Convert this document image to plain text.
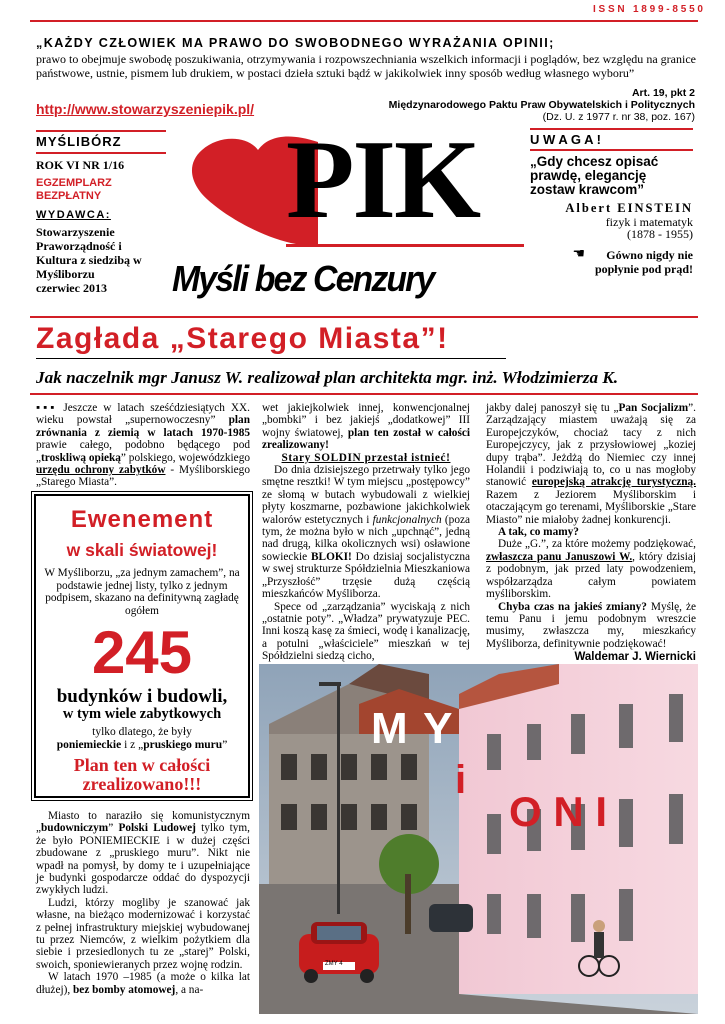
I S S N   1 8 9 9 - 8 5 5 0
„KAŻDY CZŁOWIEK MA PRAWO DO SWOBODNEGO WYRAŻANIA OPINII;
prawo to obejmuje swobodę poszukiwania, otrzymywania i rozpowszechniania wszelkich informacji i poglądów, bez względu na granice państwowe, ustnie, pismem lub drukiem, w postaci dzieła sztuki bądź w jakikolwiek inny sposób według własnego wyboru”
http://www.stowarzyszeniepik.pl/
Art. 19, pkt 2
Międzynarodowego Paktu Praw Obywatelskich i Politycznych
(Dz. U. z 1977 r. nr 38, poz. 167)
MYŚLIBÓRZ
ROK VI NR 1/16
EGZEMPLARZ BEZPŁATNY
WYDAWCA:
Stowarzyszenie Praworządność i Kultura z siedzibą w Myśliborzu
czerwiec 2013
PIK
Myśli bez Cenzury
U W A G A !
„Gdy chcesz opisać prawdę, elegancję zostaw krawcom”
Albert EINSTEIN
fizyk i matematyk
(1878 - 1955)
☚	Gówno nigdy nie popłynie pod prąd!
Zagłada „Starego Miasta”!
Jak naczelnik mgr Janusz W. realizował plan architekta mgr. inż. Włodzimierza K.

▪▪▪ Jeszcze w latach sześćdziesiątych XX. wieku powstał „supernowoczesny” plan zrównania z ziemią w latach 1970-1985 prawie całego, podobno będącego pod „troskliwą opieką” polskiego, wojewódzkiego urzędu ochrony zabytków - Myśliborskiego „Starego Miasta”.

Ewenement
w skali światowej!
W Myśliborzu, „za jednym zamachem”, na podstawie jednej listy, tylko z jednym podpisem, skazano na definitywną zagładę ogółem
245
budynków i budowli,
w tym wiele zabytkowych
tylko dlatego, że były
poniemieckie i z „pruskiego muru”
Plan ten w całości zrealizowano!!!

Miasto to naraziło się komunistycznym „budowniczym” Polski Ludowej tylko tym, że było PONIEMIECKIE i w dużej części zbudowane z „pruskiego muru”. Nikt nie wpadł na pomysł, by domy te i uzupełniające je budynki gospodarcze oddać do dyspozycji zwykłych ludzi.

Ludzi, którzy mogliby je szanować jak własne, na bieżąco modernizować i korzystać z pełnej infrastruktury miejskiej wybudowanej tu przez Niemców, z wielkim pożytkiem dla siebie i przesiedlonych tu ze „starej” Polski, swoich, sponiewieranych przez wojnę rodzin.

W latach 1970 –1985 (a może o kilka lat dłużej), bez bomby atomowej, a na-

wet jakiejkolwiek innej, konwencjonalnej „bombki” i bez jakiejś „dodatkowej” III wojny światowej, plan ten został w całości zrealizowany!

Stary SOLDIN przestał istnieć!

Do dnia dzisiejszego przetrwały tylko jego smętne resztki! W tym miejscu „postępowcy” ze słomą w butach wybudowali z wielkiej płyty koszmarne, pozbawione jakichkolwiek walorów estetycznych i funkcjonalnych (poza tym, że można było w nich „upchnąć”, jedną nad drugą, kilka okolicznych wsi) osławione sowieckie BLOKI! Do dzisiaj socjalistyczna w swej strukturze Spółdzielnia Mieszkaniowa „Przyszłość” trzęsie dużą częścią mieszkańców Myśliborza.

Spece od „zarządzania” wyciskają z nich „ostatnie poty”. „Władza” prywatyzuje PEC. Inni koszą kasę za śmieci, wodę i kanalizację, a potulni „właściciele” mieszkań w tej Spółdzielni siedzą cicho,

jakby dalej panoszył się tu „Pan Socjalizm”. Zarządzający miastem uważają się za Europejczyków, chociaż tacy z nich Europejczycy, jak z przysłowiowej „koziej dupy trąba”. Jeżdżą do Niemiec czy innej Holandii i podziwiają to, co u nas mogłoby stanowić europejską atrakcję turystyczną. Razem z Jeziorem Myśliborskim i otaczającym go terenami, Myśliborskie „Stare Miasto” nie miałoby żadnej konkurencji.

A tak, co mamy?

Duże „G.”, za które możemy podziękować, zwłaszcza panu Januszowi W., który dzisiaj z podobnym, jak przed laty powodzeniem, współzarządza całym powiatem myśliborskim.

Chyba czas na jakieś zmiany? Myślę, że temu Panu i jemu podobnym wreszcie musimy, zwłaszcza my, mieszkańcy Myśliborza, definitywnie podziękować!

Waldemar J. Wiernicki

M Y
i
O N I
ZMY 4
